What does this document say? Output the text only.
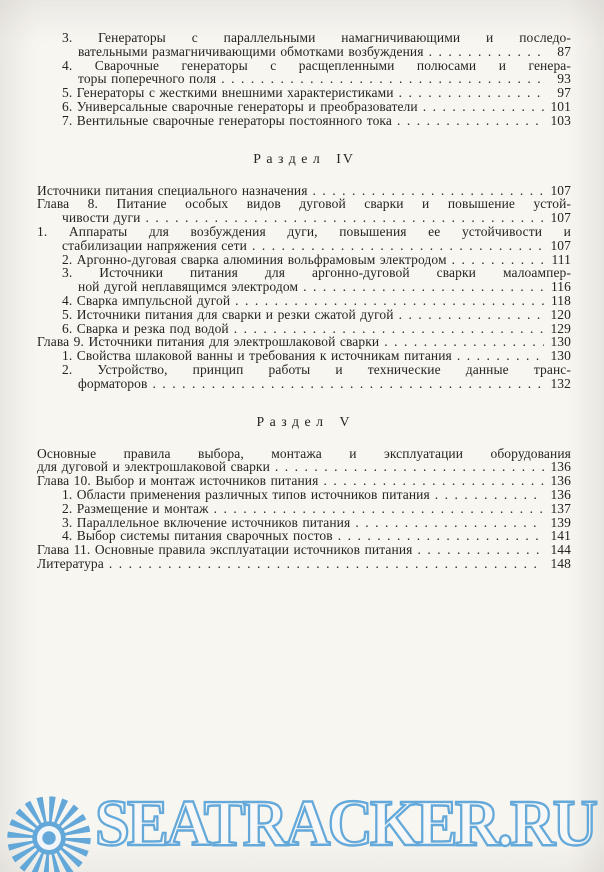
3. Генераторы с параллельными намагничивающими и последо-
вательными размагничивающими обмотками возбуждения .....	87
4. Сварочные генераторы с расщепленными полюсами и генера-
торы поперечного поля .....	93
5. Генераторы с жесткими внешними характеристиками .....	97
6. Универсальные сварочные генераторы и преобразователи .....	101
7. Вентильные сварочные генераторы постоянного тока .....	103
Раздел IV
Источники питания специального назначения .....	107
Глава 8. Питание особых видов дуговой сварки и повышение устой-
чивости дуги .....	107
1. Аппараты для возбуждения дуги, повышения ее устойчивости и
стабилизации напряжения сети .....	107
2. Аргонно-дуговая сварка алюминия вольфрамовым электродом .....	111
3. Источники питания для аргонно-дуговой сварки малоампер-
ной дугой неплавящимся электродом .....	116
4. Сварка импульсной дугой .....	118
5. Источники питания для сварки и резки сжатой дугой .....	120
6. Сварка и резка под водой .....	129
Глава 9. Источники питания для электрошлаковой сварки .....	130
1. Свойства шлаковой ванны и требования к источникам питания .....	130
2. Устройство, принцип работы и технические данные транс-
форматоров .....	132
Раздел V
Основные правила выбора, монтажа и эксплуатации оборудования
для дуговой и электрошлаковой сварки .....	136
Глава 10. Выбор и монтаж источников питания .....	136
1. Области применения различных типов источников питания .....	136
2. Размещение и монтаж .....	137
3. Параллельное включение источников питания .....	139
4. Выбор системы питания сварочных постов .....	141
Глава 11. Основные правила эксплуатации источников питания .....	144
Литература .....	148
SEATRACKER.RU
